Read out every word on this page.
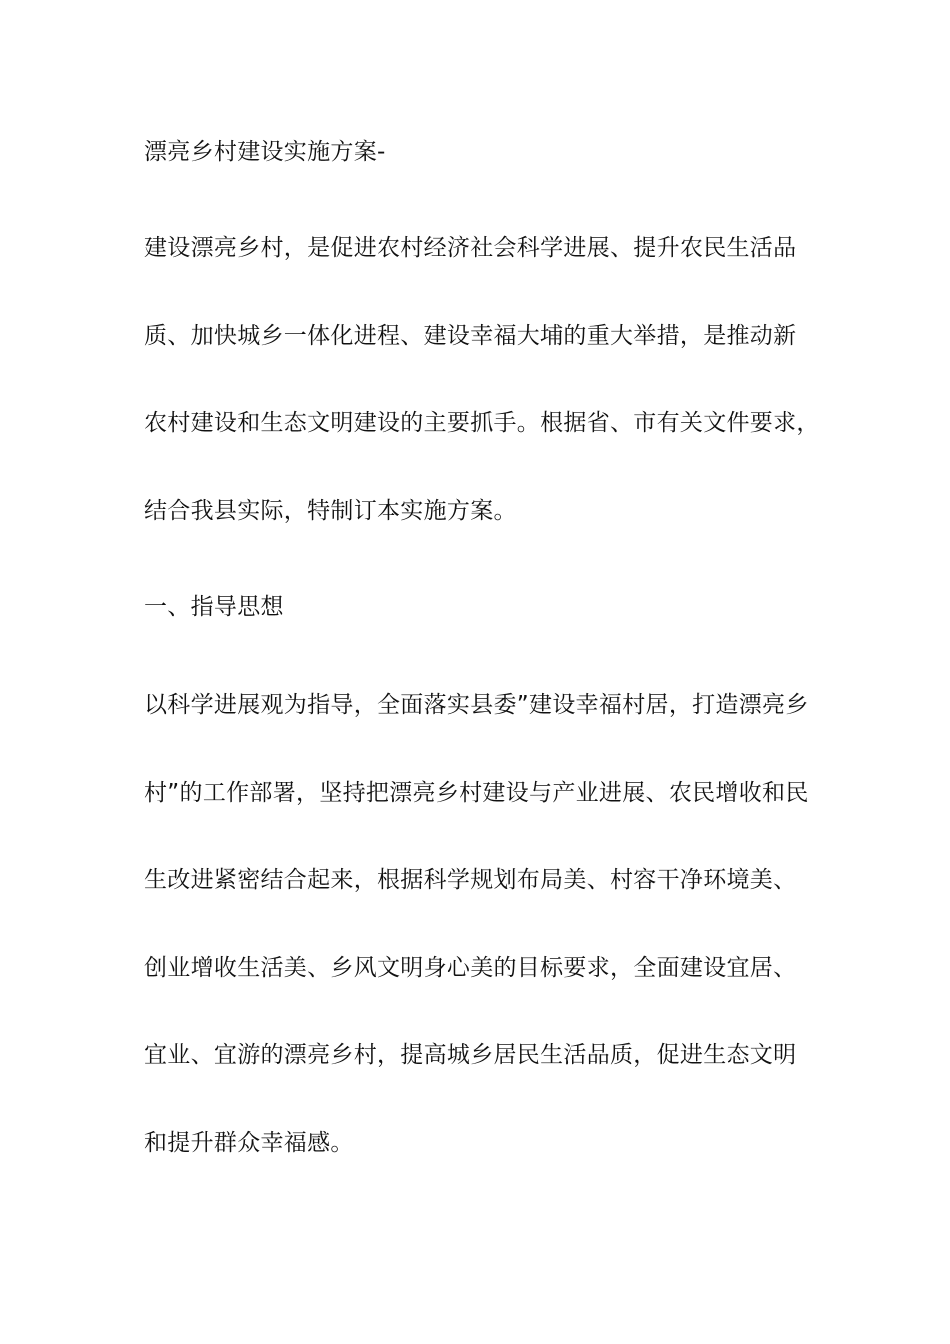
漂亮乡村建设实施方案-
建设漂亮乡村，是促进农村经济社会科学进展、提升农民生活品
质、加快城乡一体化进程、建设幸福大埔的重大举措，是推动新
农村建设和生态文明建设的主要抓手。根据省、市有关文件要求，
结合我县实际，特制订本实施方案。
一、指导思想
以科学进展观为指导，全面落实县委”建设幸福村居，打造漂亮乡
村”的工作部署，坚持把漂亮乡村建设与产业进展、农民增收和民
生改进紧密结合起来，根据科学规划布局美、村容干净环境美、
创业增收生活美、乡风文明身心美的目标要求，全面建设宜居、
宜业、宜游的漂亮乡村，提高城乡居民生活品质，促进生态文明
和提升群众幸福感。
